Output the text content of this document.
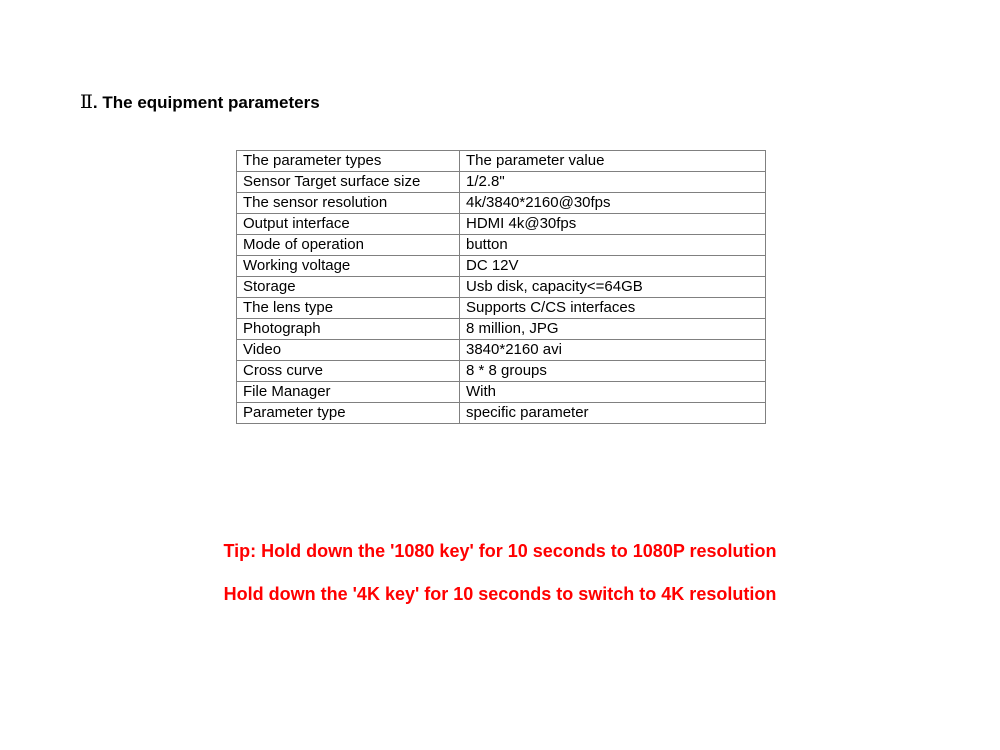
Ⅱ. The equipment parameters
The parameter types	The parameter value
Sensor Target surface size	1/2.8"
The sensor resolution	4k/3840*2160@30fps
Output interface	HDMI 4k@30fps
Mode of operation	button
Working voltage	DC 12V
Storage	Usb disk, capacity<=64GB
The lens type	Supports C/CS interfaces
Photograph	8 million, JPG
Video	3840*2160 avi
Cross curve	8 * 8 groups
File Manager	With
Parameter type	specific parameter
Tip: Hold down the '1080 key' for 10 seconds to 1080P resolution
Hold down the '4K key' for 10 seconds to switch to 4K resolution
